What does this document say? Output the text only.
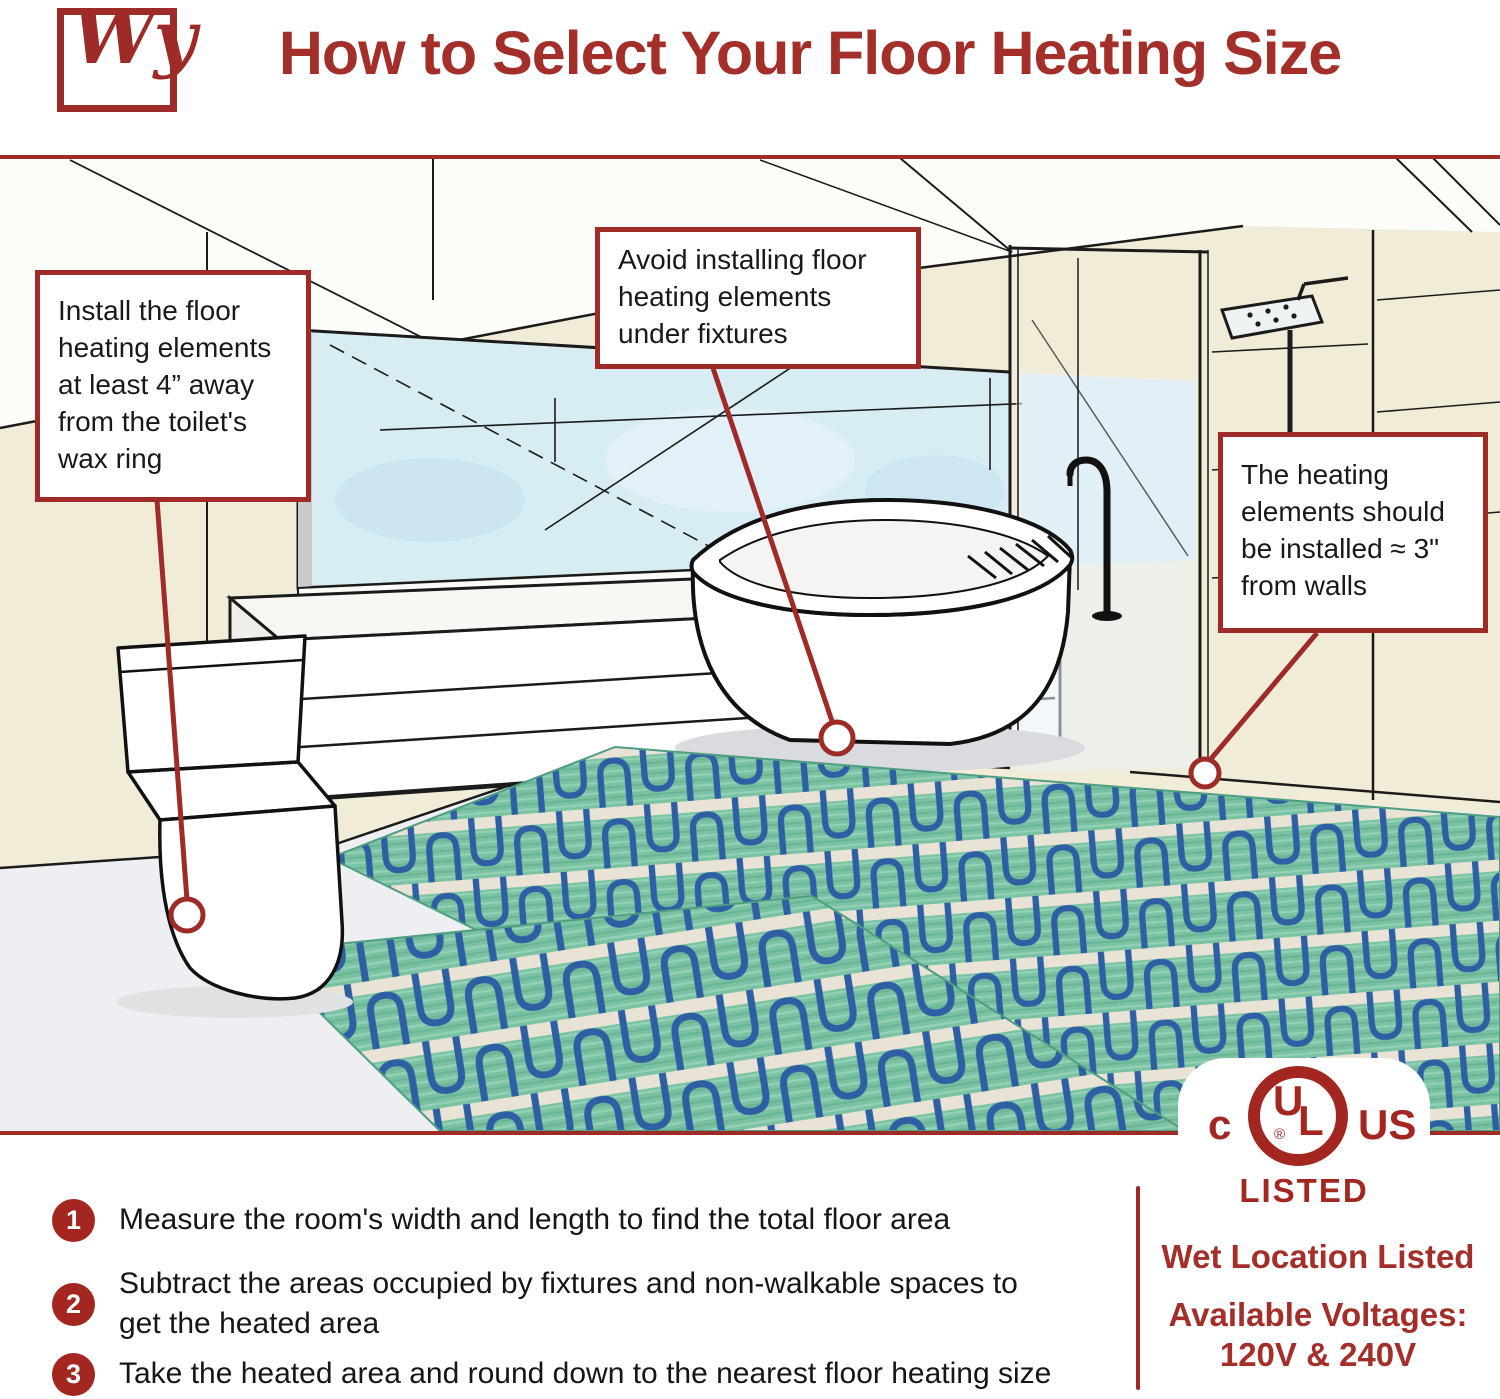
Wy	How to Select Your Floor Heating Size
Install the floor heating elements at least 4” away from the toilet's wax ring
Avoid installing floor heating elements under fixtures
The heating elements should be installed ≈ 3" from walls
c
U
L
® US
LISTED
1	Measure the room's width and length to find the total floor area
2
Subtract the areas occupied by fixtures and non-walkable spaces to get the heated area
3	Take the heated area and round down to the nearest floor heating size
Wet Location Listed
Available Voltages:
120V & 240V
